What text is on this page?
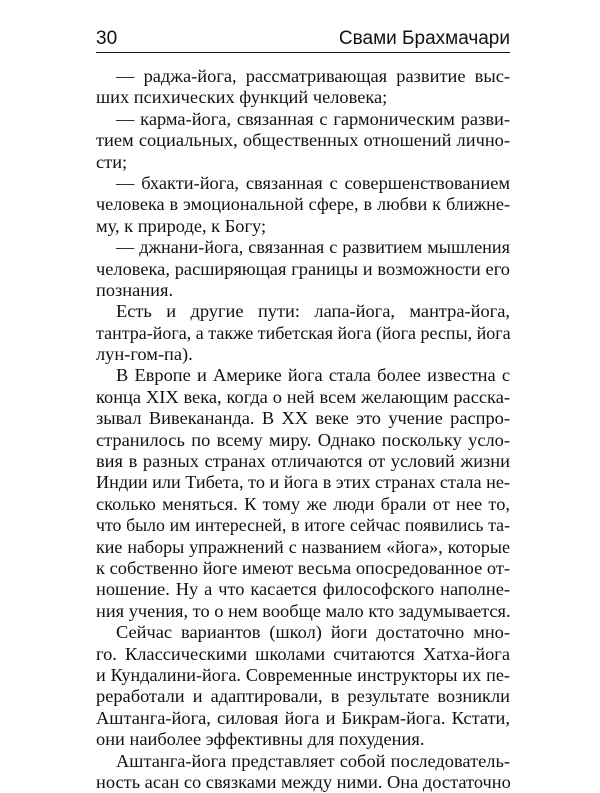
30	Свами Брахмачари
— раджа-йога, рассматривающая развитие выс-
ших психических функций человека;
— карма-йога, связанная с гармоническим разви-
тием социальных, общественных отношений лично-
сти;
— бхакти-йога, связанная с совершенствованием
человека в эмоциональной сфере, в любви к ближне-
му, к природе, к Богу;
— джнани-йога, связанная с развитием мышления
человека, расширяющая границы и возможности его
познания.
Есть и другие пути: лапа-йога, мантра-йога,
тантра-йога, а также тибетская йога (йога респы, йога
лун-гом-па).
В Европе и Америке йога стала более известна с
конца XIX века, когда о ней всем желающим расска-
зывал Вивекананда. В XX веке это учение распро-
странилось по всему миру. Однако поскольку усло-
вия в разных странах отличаются от условий жизни
Индии или Тибета, то и йога в этих странах стала не-
сколько меняться. К тому же люди брали от нее то,
что было им интересней, в итоге сейчас появились та-
кие наборы упражнений с названием «йога», которые
к собственно йоге имеют весьма опосредованное от-
ношение. Ну а что касается философского наполне-
ния учения, то о нем вообще мало кто задумывается.
Сейчас вариантов (школ) йоги достаточно мно-
го. Классическими школами считаются Хатха-йога
и Кундалини-йога. Современные инструкторы их пе-
реработали и адаптировали, в результате возникли
Аштанга-йога, силовая йога и Бикрам-йога. Кстати,
они наиболее эффективны для похудения.
Аштанга-йога представляет собой последователь-
ность асан со связками между ними. Она достаточно
